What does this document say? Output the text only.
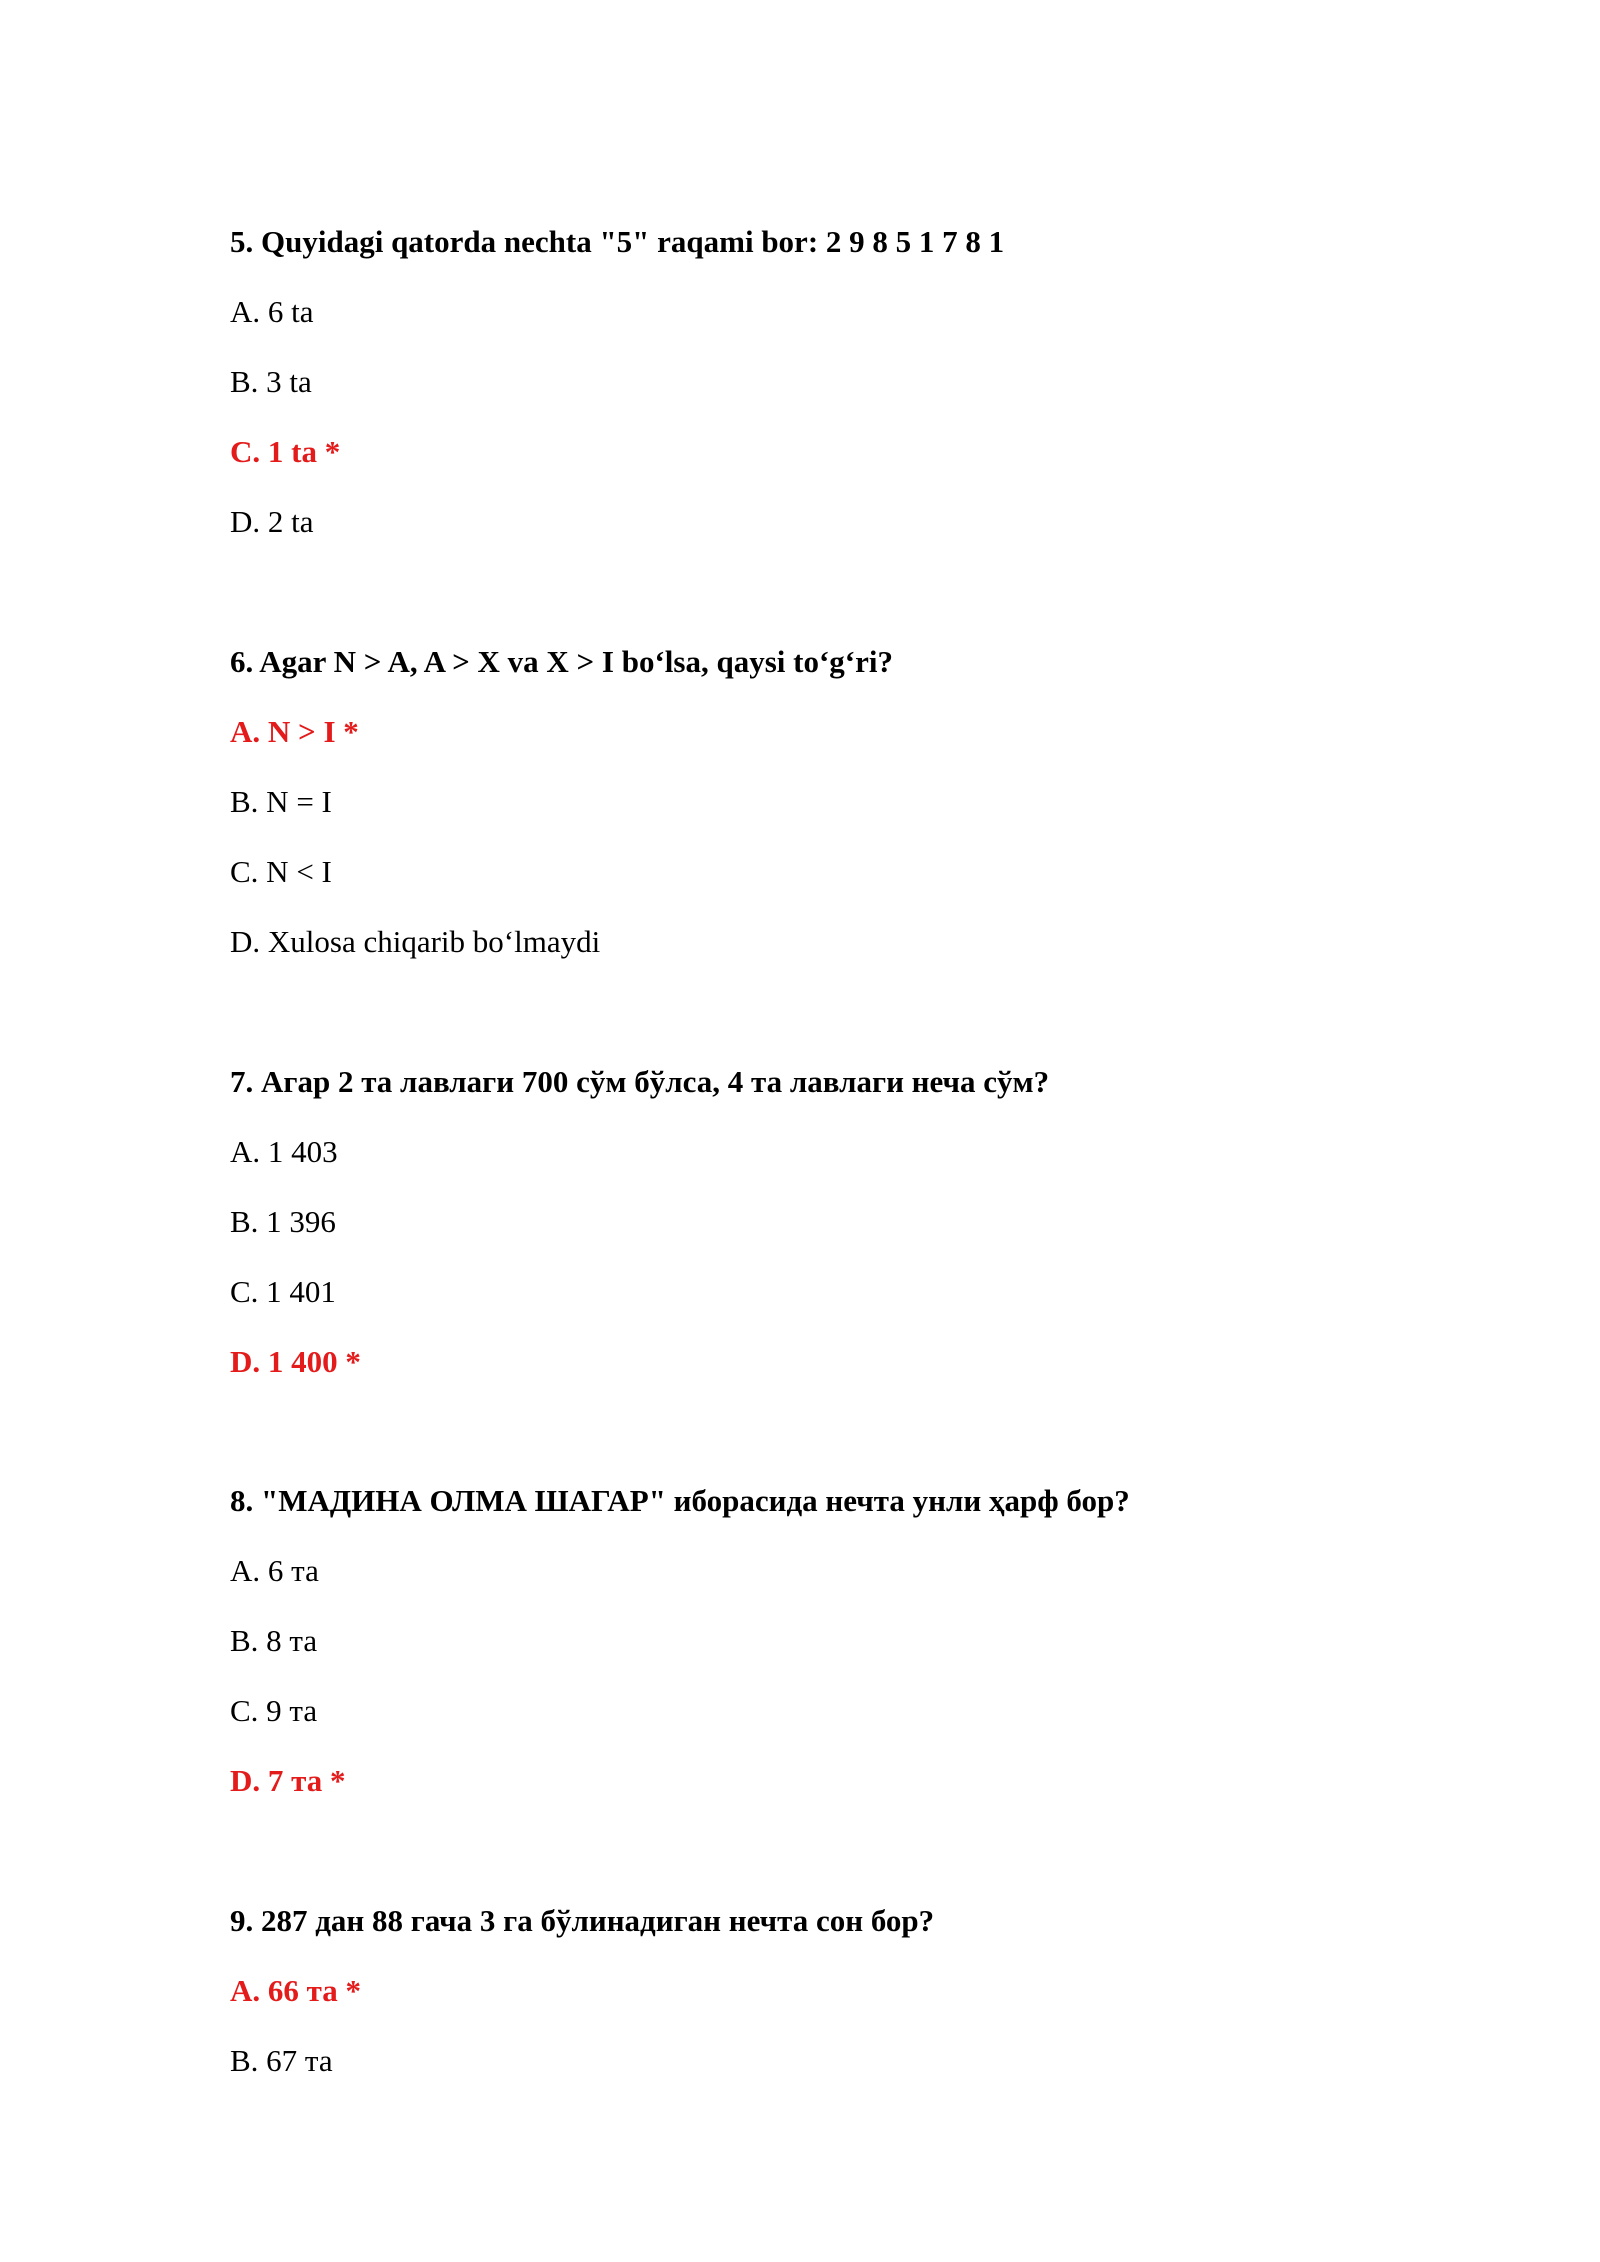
5. Quyidagi qatorda nechta "5" raqami bor: 2 9 8 5 1 7 8 1
A. 6 ta
B. 3 ta
C. 1 ta *
D. 2 ta
6. Agar N > A, A > X va X > I bo‘lsa, qaysi to‘g‘ri?
A. N > I *
B. N = I
C. N < I
D. Xulosa chiqarib bo‘lmaydi
7. Агар 2 та лавлаги 700 сўм бўлса, 4 та лавлаги неча сўм?
A. 1 403
B. 1 396
C. 1 401
D. 1 400 *
8. "МАДИНА ОЛМА ШАГАР" иборасида нечта унли ҳарф бор?
A. 6 та
B. 8 та
C. 9 та
D. 7 та *
9. 287 дан 88 гача 3 га бўлинадиган нечта сон бор?
A. 66 та *
B. 67 та
